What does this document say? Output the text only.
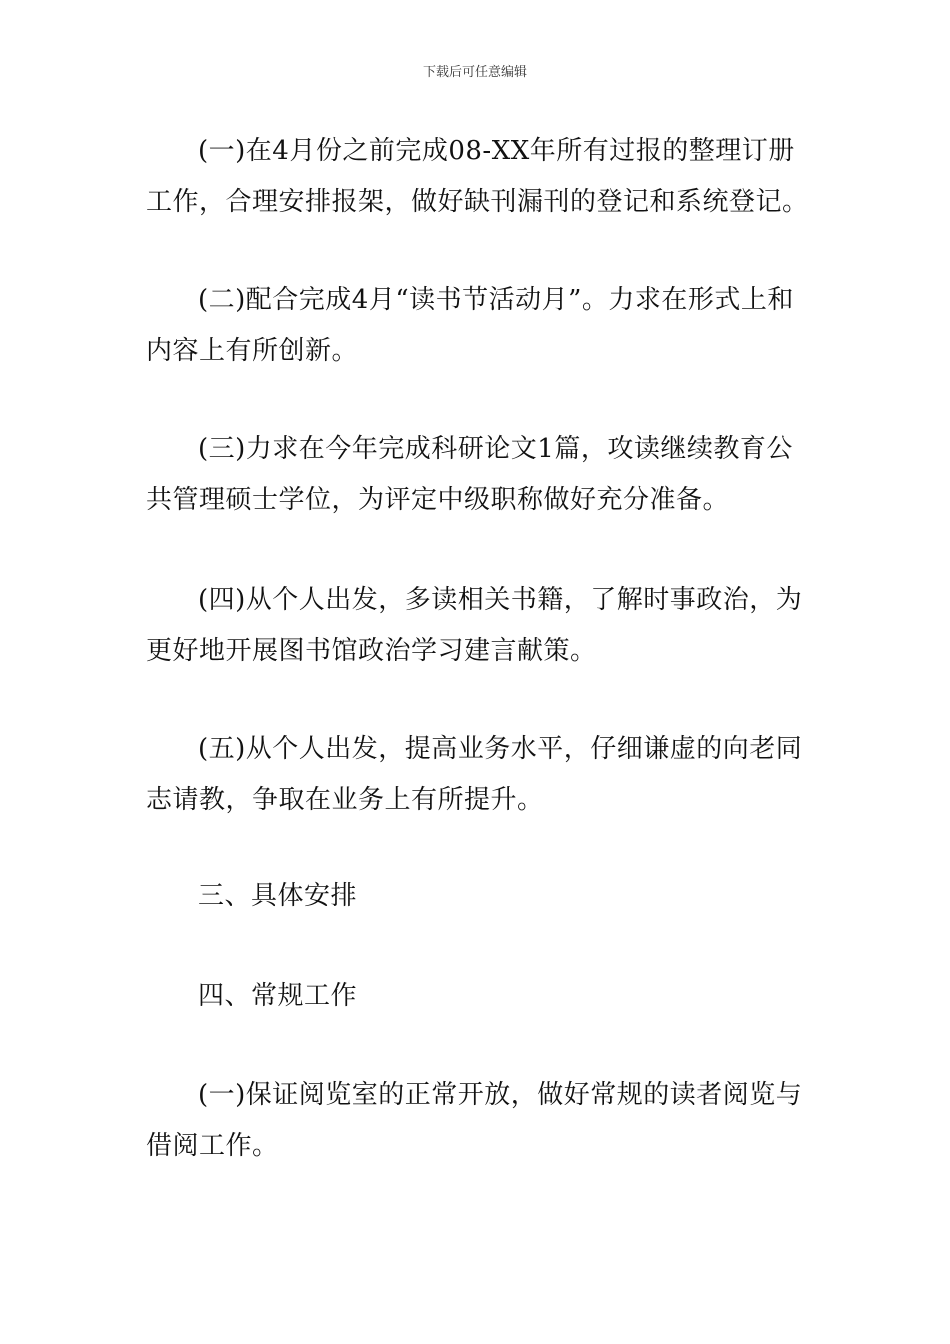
下载后可任意编辑

(一)在4月份之前完成08-XX年所有过报的整理订册工作，合理安排报架，做好缺刊漏刊的登记和系统登记。

(二)配合完成4月“读书节活动月”。力求在形式上和内容上有所创新。

(三)力求在今年完成科研论文1篇，攻读继续教育公共管理硕士学位，为评定中级职称做好充分准备。

(四)从个人出发，多读相关书籍，了解时事政治，为更好地开展图书馆政治学习建言献策。

(五)从个人出发，提高业务水平，仔细谦虚的向老同志请教，争取在业务上有所提升。

三、具体安排

四、常规工作

(一)保证阅览室的正常开放，做好常规的读者阅览与借阅工作。
